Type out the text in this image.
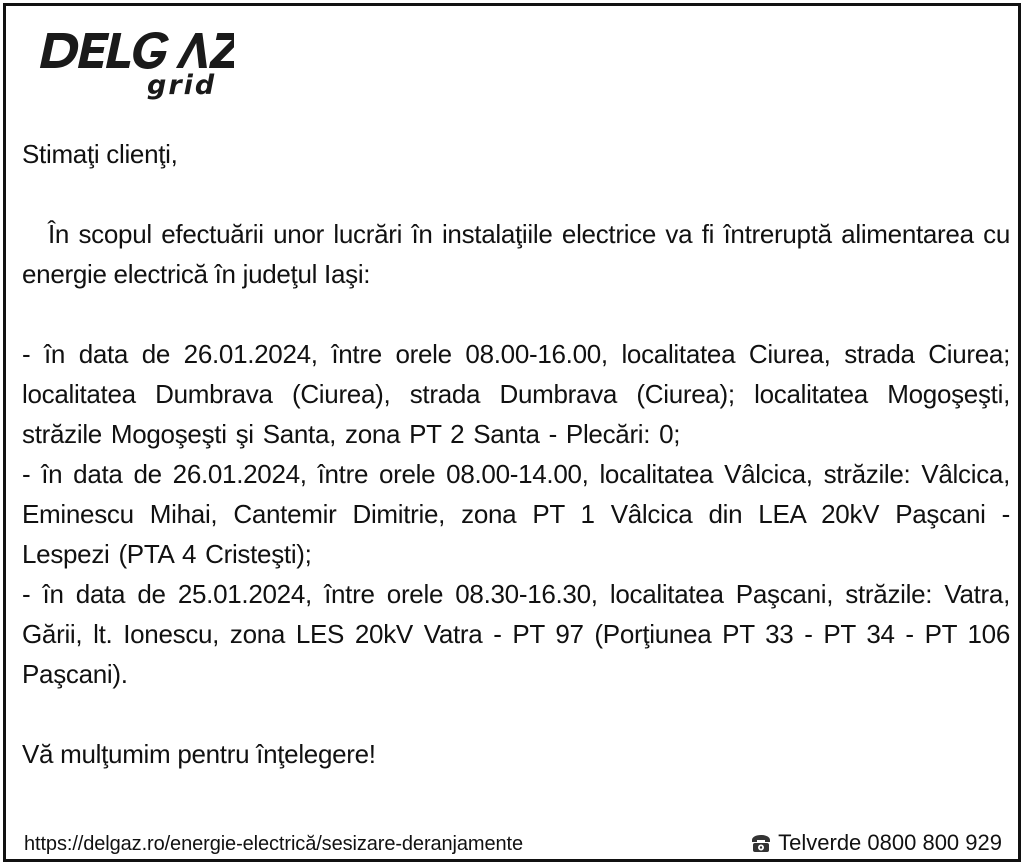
grid

Stimaţi clienţi,

În scopul efectuării unor lucrări în instalaţiile electrice va fi întreruptă alimentarea cu energie electrică în judeţul Iaşi:

- în data de 26.01.2024, între orele 08.00-16.00, localitatea Ciurea, strada Ciurea; localitatea Dumbrava (Ciurea), strada Dumbrava (Ciurea); localitatea Mogoşeşti, străzile Mogoşeşti şi Santa, zona PT 2 Santa - Plecări: 0;

- în data de 26.01.2024, între orele 08.00-14.00, localitatea Vâlcica, străzile: Vâlcica, Eminescu Mihai, Cantemir Dimitrie, zona PT 1 Vâlcica din LEA 20kV Paşcani - Lespezi (PTA 4 Cristeşti);

- în data de 25.01.2024, între orele 08.30-16.30, localitatea Paşcani, străzile: Vatra, Gării, lt. Ionescu, zona LES 20kV Vatra - PT 97 (Porţiunea PT 33 - PT 34 - PT 106 Paşcani).

Vă mulţumim pentru înţelegere!

https://delgaz.ro/energie-electrică/sesizare-deranjamente	Telverde 0800 800 929
